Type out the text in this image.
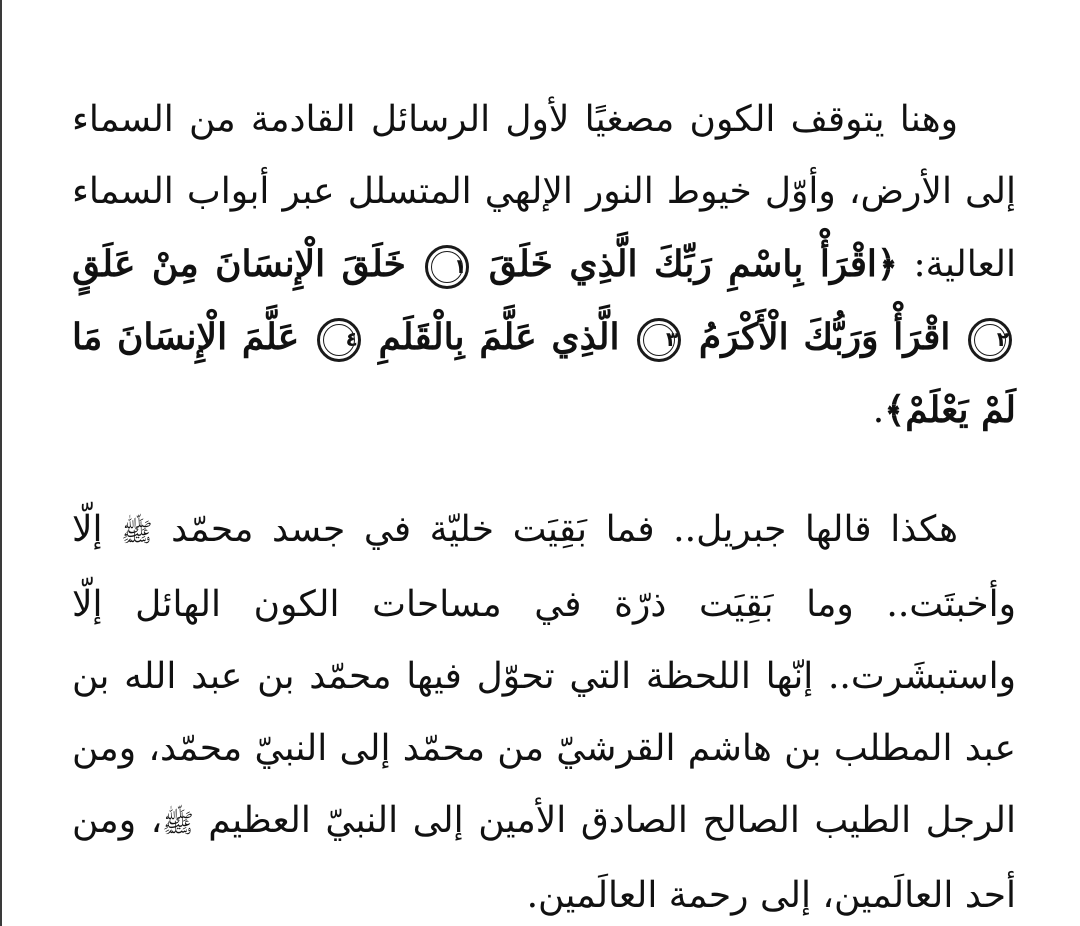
وهنا يتوقف الكون مصغيًا لأول الرسائل القادمة من السماء إلى الأرض، وأوّل خيوط النور الإلهي المتسلل عبر أبواب السماء العالية: ﴿اقْرَأْ بِاسْمِ رَبِّكَ الَّذِي خَلَقَ ١ خَلَقَ الْإِنسَانَ مِنْ عَلَقٍ ٢ اقْرَأْ وَرَبُّكَ الْأَكْرَمُ ٣ الَّذِي عَلَّمَ بِالْقَلَمِ ٤ عَلَّمَ الْإِنسَانَ مَا لَمْ يَعْلَمْ﴾.

هكذا قالها جبريل.. فما بَقِيَت خليّة في جسد محمّد ﷺ إلّا وأخبتَت.. وما بَقِيَت ذرّة في مساحات الكون الهائل إلّا واستبشَرت.. إنّها اللحظة التي تحوّل فيها محمّد بن عبد الله بن عبد المطلب بن هاشم القرشيّ من محمّد إلى النبيّ محمّد، ومن الرجل الطيب الصالح الصادق الأمين إلى النبيّ العظيم ﷺ، ومن أحد العالَمين، إلى رحمة العالَمين.
